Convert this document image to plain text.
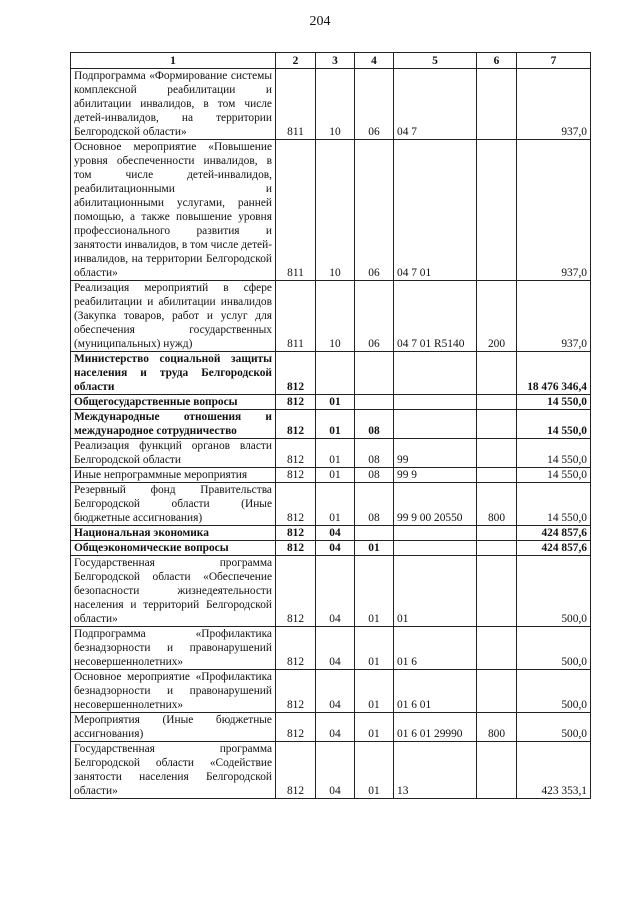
204
1	2	3	4	5	6	7
Подпрограмма «Формирование системы комплексной реабилитации и абилитации инвалидов, в том числе детей-инвалидов, на территории Белгородской области»	811	10	06	04 7		937,0
Основное мероприятие «Повышение уровня обеспеченности инвалидов, в том числе детей-инвалидов, реабилитационными и абилитационными услугами, ранней помощью, а также повышение уровня профессионального развития и занятости инвалидов, в том числе детей-инвалидов, на территории Белгородской области»	811	10	06	04 7 01		937,0
Реализация мероприятий в сфере реабилитации и абилитации инвалидов (Закупка товаров, работ и услуг для обеспечения государственных (муниципальных) нужд)	811	10	06	04 7 01 R5140	200	937,0
Министерство социальной защиты населения и труда Белгородской области	812					18 476 346,4
Общегосударственные вопросы	812	01				14 550,0
Международные отношения и международное сотрудничество	812	01	08			14 550,0
Реализация функций органов власти Белгородской области	812	01	08	99		14 550,0
Иные непрограммные мероприятия	812	01	08	99 9		14 550,0
Резервный фонд Правительства Белгородской области (Иные бюджетные ассигнования)	812	01	08	99 9 00 20550	800	14 550,0
Национальная экономика	812	04				424 857,6
Общеэкономические вопросы	812	04	01			424 857,6
Государственная программа Белгородской области «Обеспечение безопасности жизнедеятельности населения и территорий Белгородской области»	812	04	01	01		500,0
Подпрограмма «Профилактика безнадзорности и правонарушений несовершеннолетних»	812	04	01	01 6		500,0
Основное мероприятие «Профилактика безнадзорности и правонарушений несовершеннолетних»	812	04	01	01 6 01		500,0
Мероприятия (Иные бюджетные ассигнования)	812	04	01	01 6 01 29990	800	500,0
Государственная программа Белгородской области «Содействие занятости населения Белгородской области»	812	04	01	13		423 353,1
